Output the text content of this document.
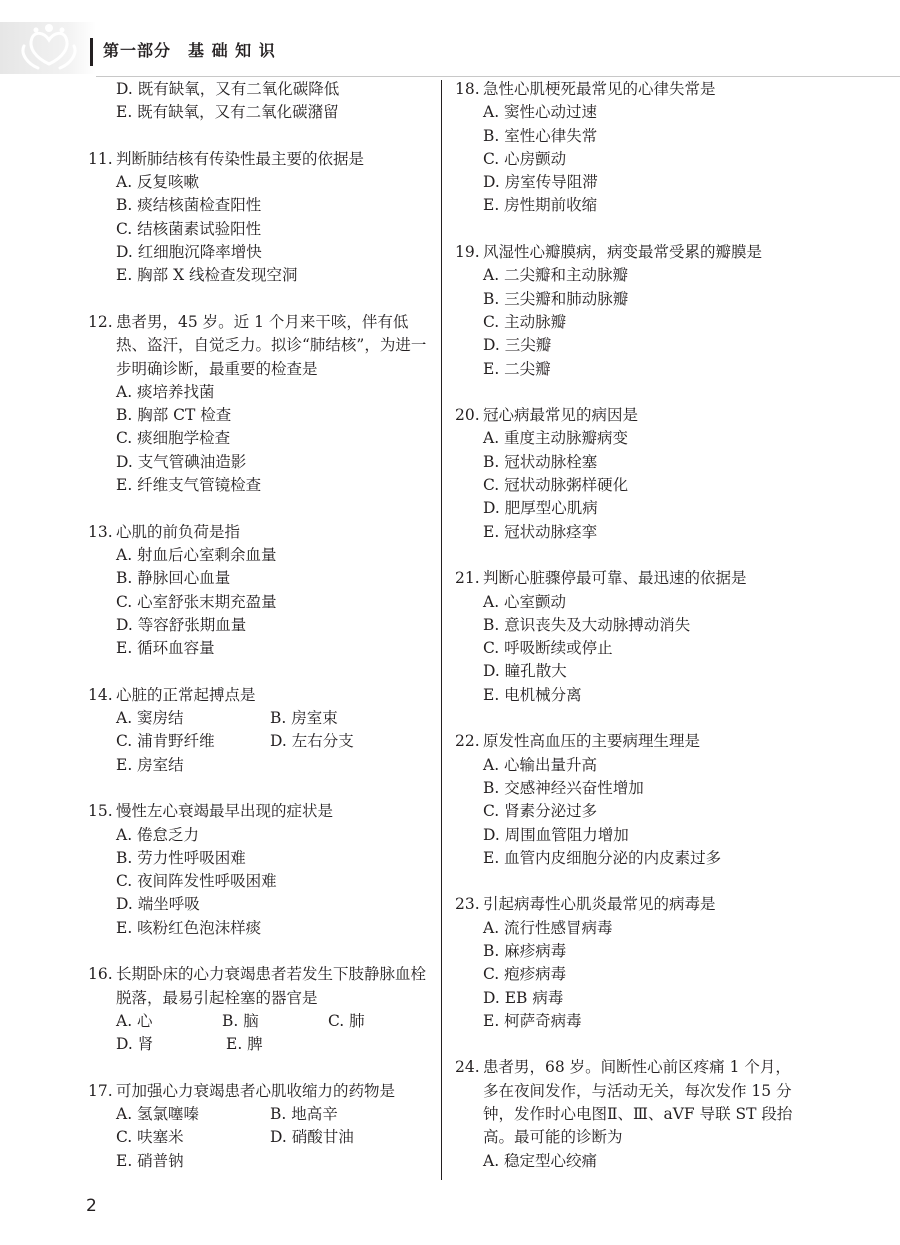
第一部分　基 础 知 识
D. 既有缺氧，又有二氧化碳降低
E. 既有缺氧，又有二氧化碳潴留
11. 判断肺结核有传染性最主要的依据是
A. 反复咳嗽
B. 痰结核菌检查阳性
C. 结核菌素试验阳性
D. 红细胞沉降率增快
E. 胸部 X 线检查发现空洞
12. 患者男，45 岁。近 1 个月来干咳，伴有低热、盗汗，自觉乏力。拟诊“肺结核”，为进一步明确诊断，最重要的检查是
A. 痰培养找菌
B. 胸部 CT 检查
C. 痰细胞学检查
D. 支气管碘油造影
E. 纤维支气管镜检查
13. 心肌的前负荷是指
A. 射血后心室剩余血量
B. 静脉回心血量
C. 心室舒张末期充盈量
D. 等容舒张期血量
E. 循环血容量
14. 心脏的正常起搏点是
A. 窦房结	B. 房室束
C. 浦肯野纤维	D. 左右分支
E. 房室结
15. 慢性左心衰竭最早出现的症状是
A. 倦怠乏力
B. 劳力性呼吸困难
C. 夜间阵发性呼吸困难
D. 端坐呼吸
E. 咳粉红色泡沫样痰
16. 长期卧床的心力衰竭患者若发生下肢静脉血栓脱落，最易引起栓塞的器官是
A. 心	B. 脑	C. 肺
D. 肾	E. 脾
17. 可加强心力衰竭患者心肌收缩力的药物是
A. 氢氯噻嗪	B. 地高辛
C. 呋塞米	D. 硝酸甘油
E. 硝普钠
18. 急性心肌梗死最常见的心律失常是
A. 窦性心动过速
B. 室性心律失常
C. 心房颤动
D. 房室传导阻滞
E. 房性期前收缩
19. 风湿性心瓣膜病，病变最常受累的瓣膜是
A. 二尖瓣和主动脉瓣
B. 三尖瓣和肺动脉瓣
C. 主动脉瓣
D. 三尖瓣
E. 二尖瓣
20. 冠心病最常见的病因是
A. 重度主动脉瓣病变
B. 冠状动脉栓塞
C. 冠状动脉粥样硬化
D. 肥厚型心肌病
E. 冠状动脉痉挛
21. 判断心脏骤停最可靠、最迅速的依据是
A. 心室颤动
B. 意识丧失及大动脉搏动消失
C. 呼吸断续或停止
D. 瞳孔散大
E. 电机械分离
22. 原发性高血压的主要病理生理是
A. 心输出量升高
B. 交感神经兴奋性增加
C. 肾素分泌过多
D. 周围血管阻力增加
E. 血管内皮细胞分泌的内皮素过多
23. 引起病毒性心肌炎最常见的病毒是
A. 流行性感冒病毒
B. 麻疹病毒
C. 疱疹病毒
D. EB 病毒
E. 柯萨奇病毒
24. 患者男，68 岁。间断性心前区疼痛 1 个月，多在夜间发作，与活动无关，每次发作 15 分钟，发作时心电图Ⅱ、Ⅲ、aVF 导联 ST 段抬高。最可能的诊断为
A. 稳定型心绞痛
2
